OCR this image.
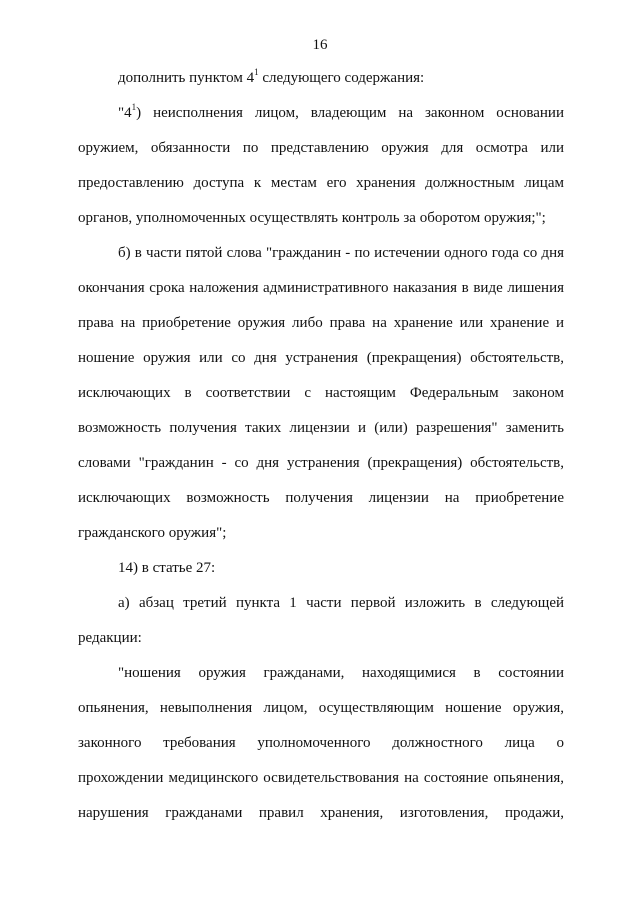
16
дополнить пунктом $4^1$ следующего содержания:
"$4^1$) неисполнения лицом, владеющим на законном основании
оружием, обязанности по представлению оружия для осмотра или
предоставлению доступа к местам его хранения должностным лицам
органов, уполномоченных осуществлять контроль за оборотом оружия;";
б) в части пятой слова "гражданин - по истечении одного года со дня
окончания срока наложения административного наказания в виде лишения
права на приобретение оружия либо права на хранение или хранение и
ношение оружия или со дня устранения (прекращения) обстоятельств,
исключающих в соответствии с настоящим Федеральным законом
возможность получения таких лицензии и (или) разрешения" заменить
словами "гражданин - со дня устранения (прекращения) обстоятельств,
исключающих возможность получения лицензии на приобретение
гражданского оружия";
14) в статье 27:
а) абзац третий пункта 1 части первой изложить в следующей
редакции:
"ношения оружия гражданами, находящимися в состоянии
опьянения, невыполнения лицом, осуществляющим ношение оружия,
законного требования уполномоченного должностного лица о
прохождении медицинского освидетельствования на состояние опьянения,
нарушения гражданами правил хранения, изготовления, продажи,
